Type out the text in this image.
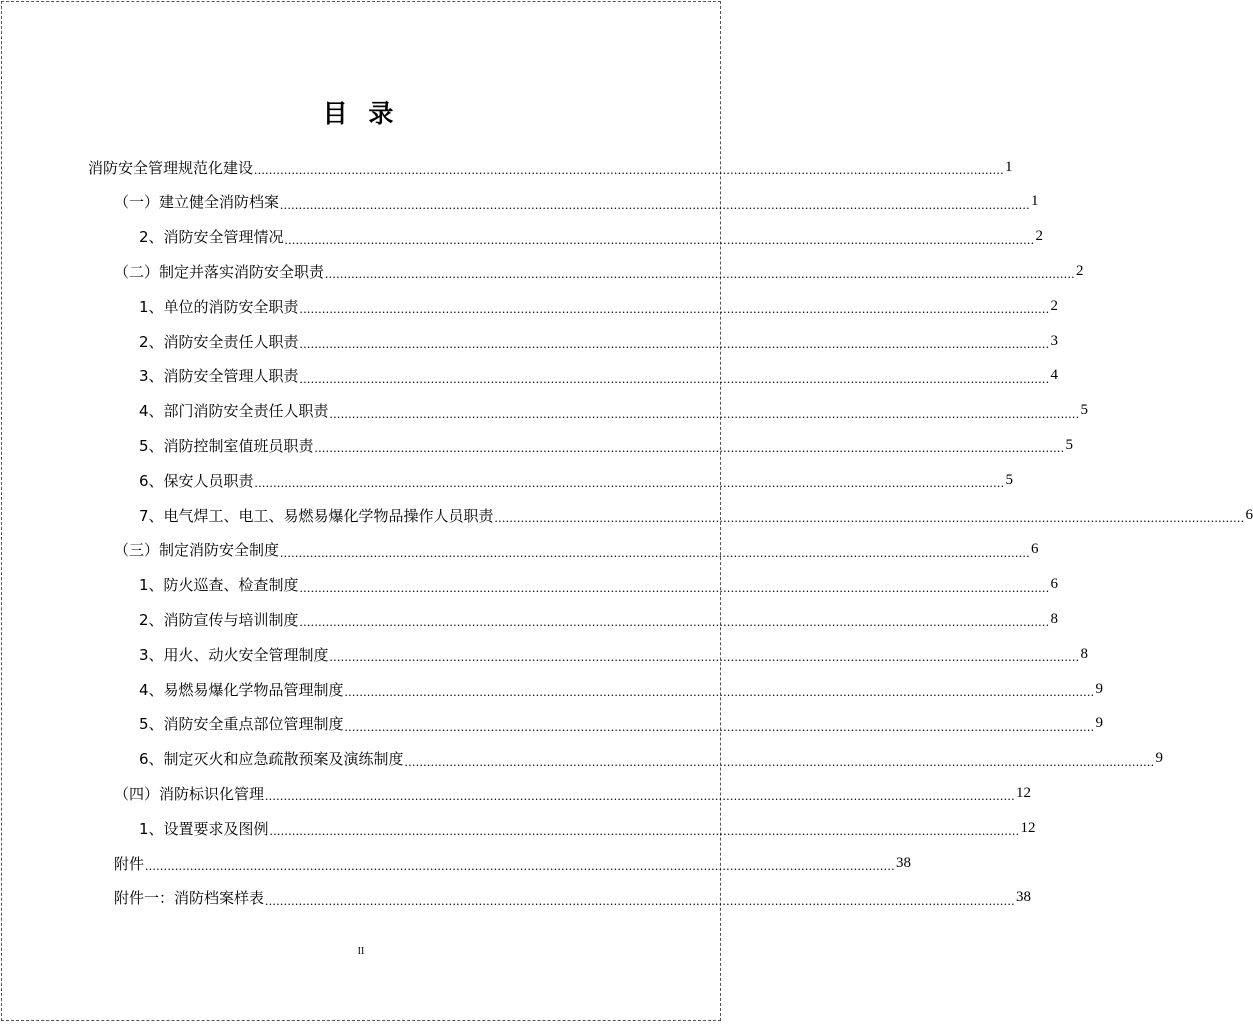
目 录
消防安全管理规范化建设 ........................................................................................................................................................................................................ 1
（一）建立健全消防档案 ........................................................................................................................................................................................................ 1
2、消防安全管理情况 ........................................................................................................................................................................................................ 2
（二）制定并落实消防安全职责 ........................................................................................................................................................................................................ 2
1、单位的消防安全职责 ........................................................................................................................................................................................................ 2
2、消防安全责任人职责 ........................................................................................................................................................................................................ 3
3、消防安全管理人职责 ........................................................................................................................................................................................................ 4
4、部门消防安全责任人职责 ........................................................................................................................................................................................................ 5
5、消防控制室值班员职责 ........................................................................................................................................................................................................ 5
6、保安人员职责 ........................................................................................................................................................................................................ 5
7、电气焊工、电工、易燃易爆化学物品操作人员职责 ........................................................................................................................................................................................................ 6
（三）制定消防安全制度 ........................................................................................................................................................................................................ 6
1、防火巡查、检查制度 ........................................................................................................................................................................................................ 6
2、消防宣传与培训制度 ........................................................................................................................................................................................................ 8
3、用火、动火安全管理制度 ........................................................................................................................................................................................................ 8
4、易燃易爆化学物品管理制度 ........................................................................................................................................................................................................ 9
5、消防安全重点部位管理制度 ........................................................................................................................................................................................................ 9
6、制定灭火和应急疏散预案及演练制度 ........................................................................................................................................................................................................ 9
（四）消防标识化管理 ........................................................................................................................................................................................................ 12
1、设置要求及图例 ........................................................................................................................................................................................................ 12
附件 ........................................................................................................................................................................................................ 38
附件一：消防档案样表 ........................................................................................................................................................................................................ 38
II
